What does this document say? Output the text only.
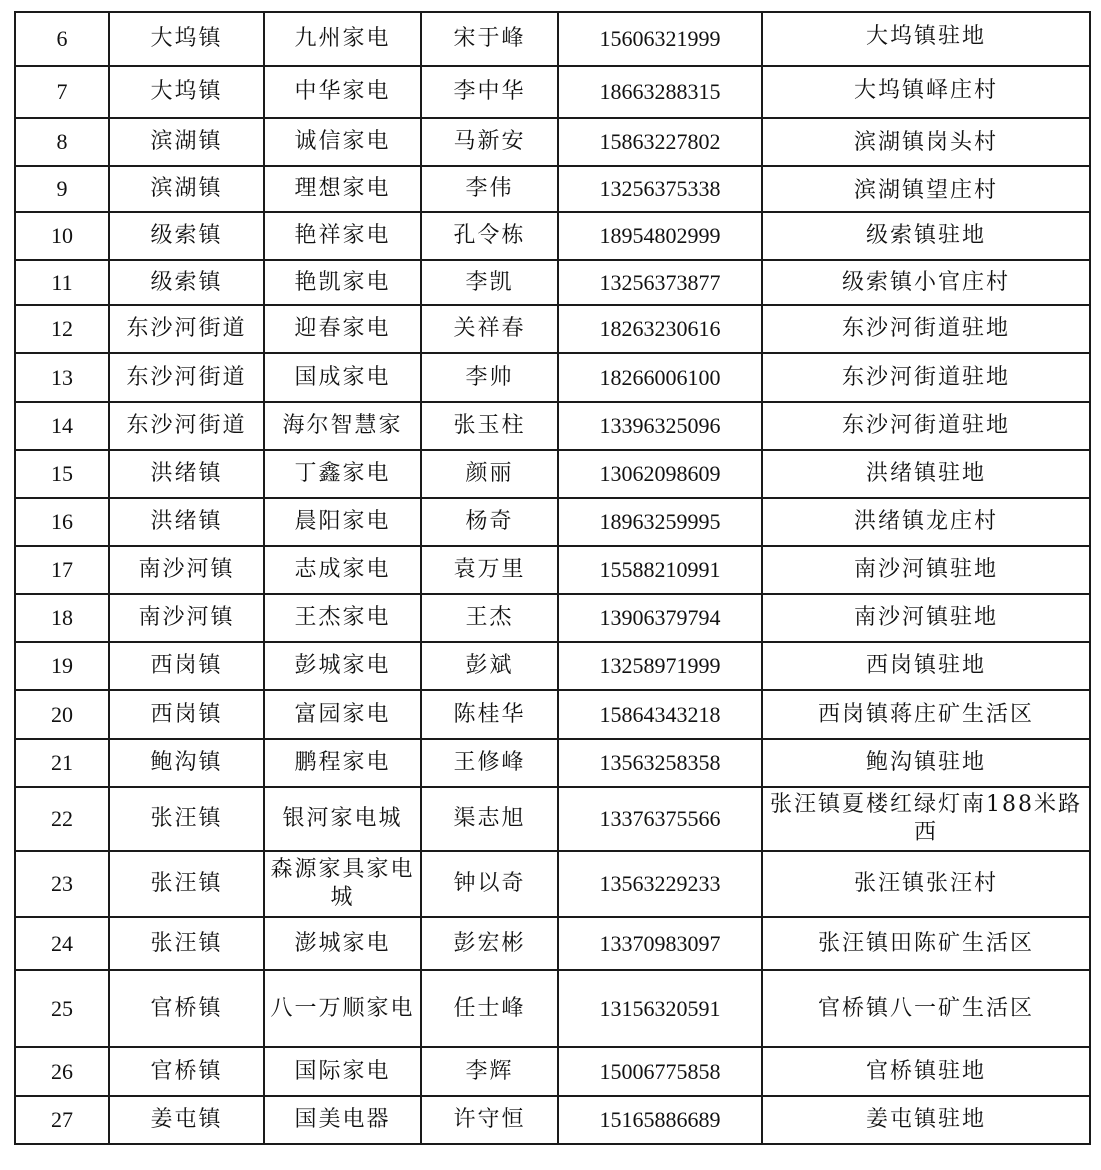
6	大坞镇	九州家电	宋于峰	15606321999	大坞镇驻地
7	大坞镇	中华家电	李中华	18663288315	大坞镇峄庄村
8	滨湖镇	诚信家电	马新安	15863227802	滨湖镇岗头村
9	滨湖镇	理想家电	李伟	13256375338	滨湖镇望庄村
10	级索镇	艳祥家电	孔令栋	18954802999	级索镇驻地
11	级索镇	艳凯家电	李凯	13256373877	级索镇小官庄村
12	东沙河街道	迎春家电	关祥春	18263230616	东沙河街道驻地
13	东沙河街道	国成家电	李帅	18266006100	东沙河街道驻地
14	东沙河街道	海尔智慧家	张玉柱	13396325096	东沙河街道驻地
15	洪绪镇	丁鑫家电	颜丽	13062098609	洪绪镇驻地
16	洪绪镇	晨阳家电	杨奇	18963259995	洪绪镇龙庄村
17	南沙河镇	志成家电	袁万里	15588210991	南沙河镇驻地
18	南沙河镇	王杰家电	王杰	13906379794	南沙河镇驻地
19	西岗镇	彭城家电	彭斌	13258971999	西岗镇驻地
20	西岗镇	富园家电	陈桂华	15864343218	西岗镇蒋庄矿生活区
21	鲍沟镇	鹏程家电	王修峰	13563258358	鲍沟镇驻地
22	张汪镇	银河家电城	渠志旭	13376375566	张汪镇夏楼红绿灯南188米路西
23	张汪镇	森源家具家电城	钟以奇	13563229233	张汪镇张汪村
24	张汪镇	澎城家电	彭宏彬	13370983097	张汪镇田陈矿生活区
25	官桥镇	八一万顺家电	任士峰	13156320591	官桥镇八一矿生活区
26	官桥镇	国际家电	李辉	15006775858	官桥镇驻地
27	姜屯镇	国美电器	许守恒	15165886689	姜屯镇驻地
